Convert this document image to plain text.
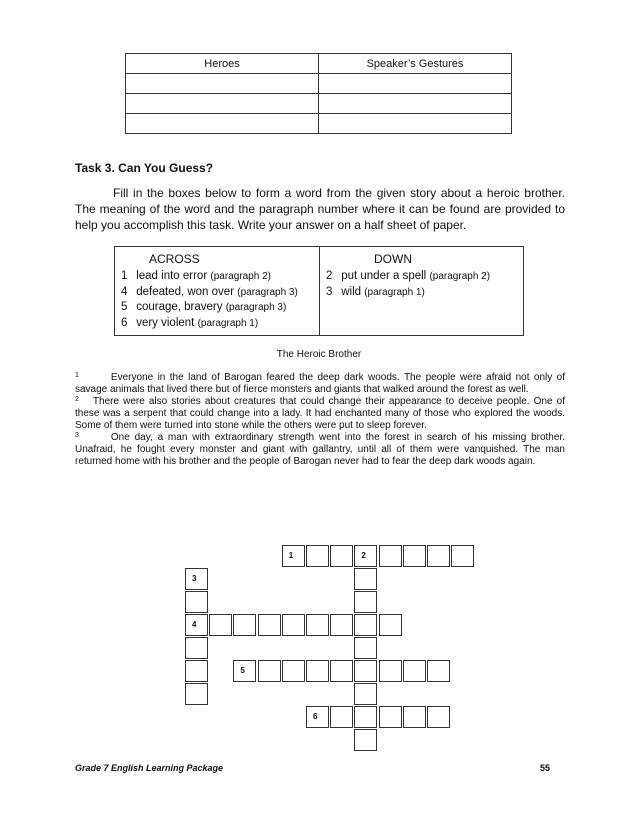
Heroes	Speaker’s Gestures

Task 3. Can You Guess?
Fill in the boxes below to form a word from the given story about a heroic brother. The meaning of the word and the paragraph number where it can be found are provided to help you accomplish this task. Write your answer on a half sheet of paper.
ACROSS
1 lead into error (paragraph 2)
4 defeated, won over (paragraph 3)
5 courage, bravery (paragraph 3)
6 very violent (paragraph 1)
DOWN
2 put under a spell (paragraph 2)
3 wild (paragraph 1)
The Heroic Brother
$^1$	Everyone in the land of Barogan feared the deep dark woods. The people were afraid not only of savage animals that lived there but of fierce monsters and giants that walked around the forest as well.
$^2$ There were also stories about creatures that could change their appearance to deceive people. One of these was a serpent that could change into a lady. It had enchanted many of those who explored the woods. Some of them were turned into stone while the others were put to sleep forever.
$^3$	One day, a man with extraordinary strength went into the forest in search of his missing brother. Unafraid, he fought every monster and giant with gallantry, until all of them were vanquished. The man returned home with his brother and the people of Barogan never had to fear the deep dark woods again.
1	2
3
4
5
6
Grade 7 English Learning Package	55
